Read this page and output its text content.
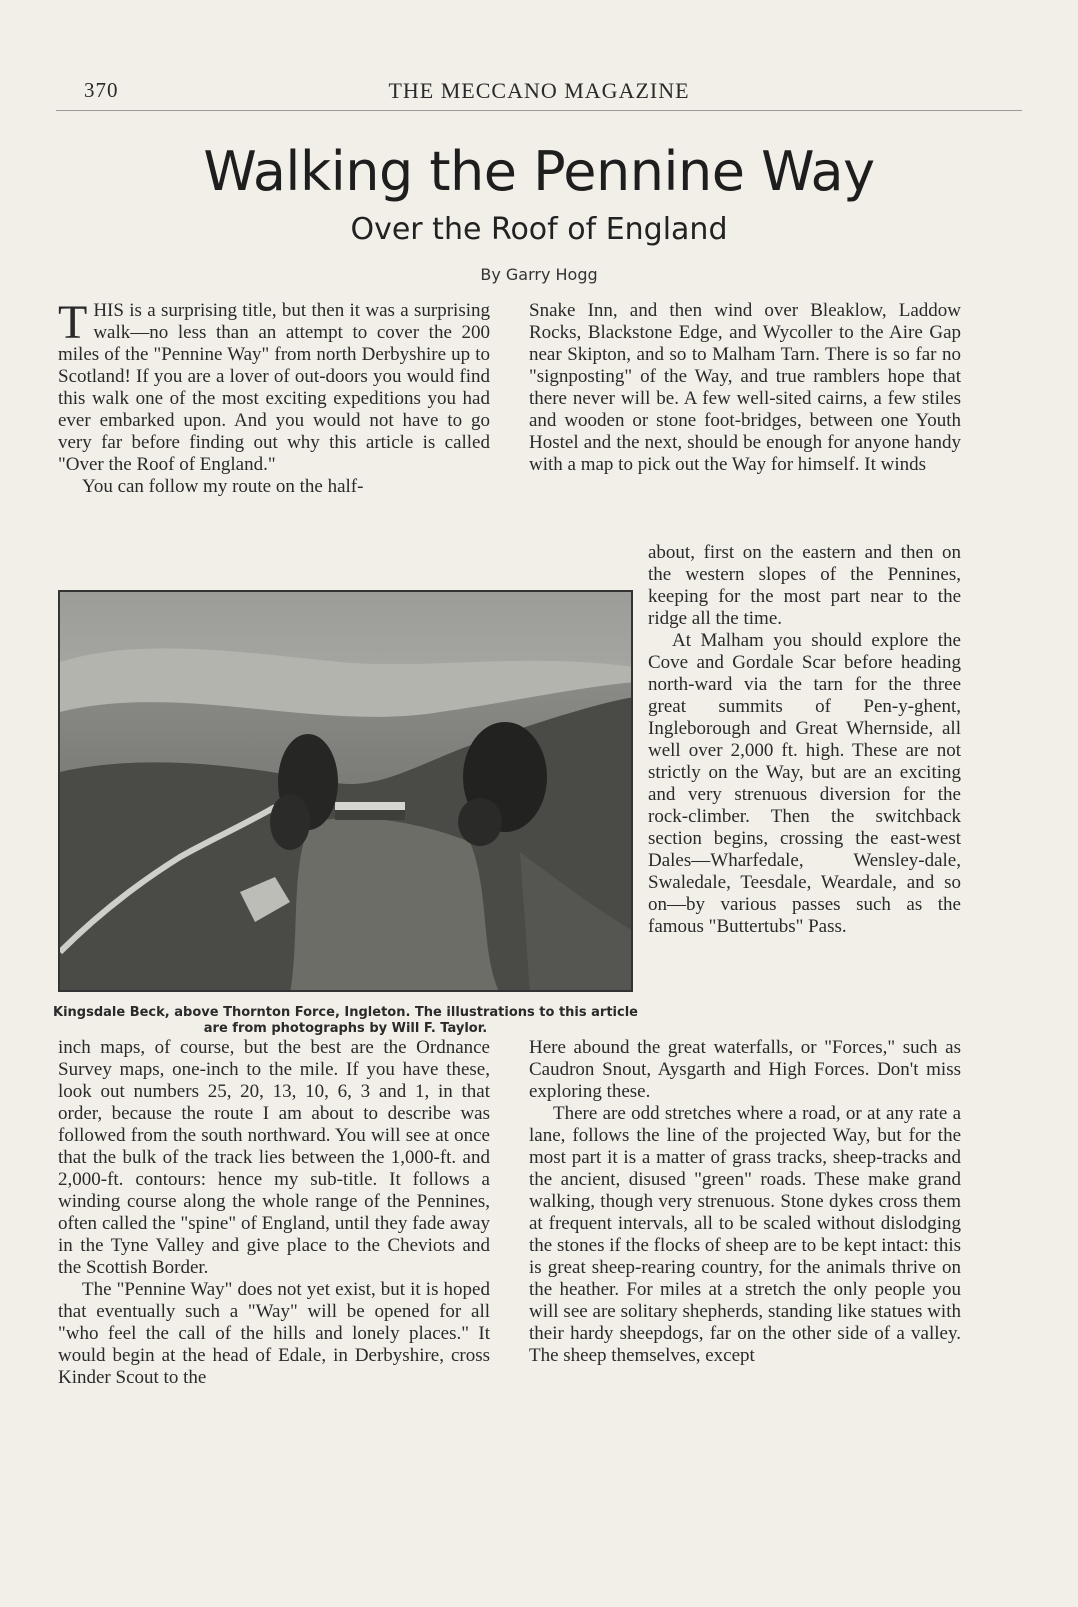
370	THE MECCANO MAGAZINE
Walking the Pennine Way
Over the Roof of England
By Garry Hogg

THIS is a surprising title, but then it was a surprising walk—no less than an attempt to cover the 200 miles of the "Pennine Way" from north Derbyshire up to Scotland! If you are a lover of out-doors you would find this walk one of the most exciting expeditions you had ever embarked upon. And you would not have to go very far before finding out why this article is called "Over the Roof of England."

You can follow my route on the half-

Snake Inn, and then wind over Bleaklow, Laddow Rocks, Blackstone Edge, and Wycoller to the Aire Gap near Skipton, and so to Malham Tarn. There is so far no "signposting" of the Way, and true ramblers hope that there never will be. A few well-sited cairns, a few stiles and wooden or stone foot-bridges, between one Youth Hostel and the next, should be enough for anyone handy with a map to pick out the Way for himself. It winds

about, first on the eastern and then on the western slopes of the Pennines, keeping for the most part near to the ridge all the time.

At Malham you should explore the Cove and Gordale Scar before heading north-ward via the tarn for the three great summits of Pen-y-ghent, Ingleborough and Great Whernside, all well over 2,000 ft. high. These are not strictly on the Way, but are an exciting and very strenuous diversion for the rock-climber. Then the switchback section begins, crossing the east-west Dales—Wharfedale, Wensley-dale, Swaledale, Teesdale, Weardale, and so on—by various passes such as the famous "Buttertubs" Pass.

Kingsdale Beck, above Thornton Force, Ingleton. The illustrations to this article are from photographs by Will F. Taylor.

inch maps, of course, but the best are the Ordnance Survey maps, one-inch to the mile. If you have these, look out numbers 25, 20, 13, 10, 6, 3 and 1, in that order, because the route I am about to describe was followed from the south northward. You will see at once that the bulk of the track lies between the 1,000-ft. and 2,000-ft. contours: hence my sub-title. It follows a winding course along the whole range of the Pennines, often called the "spine" of England, until they fade away in the Tyne Valley and give place to the Cheviots and the Scottish Border.

The "Pennine Way" does not yet exist, but it is hoped that eventually such a "Way" will be opened for all "who feel the call of the hills and lonely places." It would begin at the head of Edale, in Derbyshire, cross Kinder Scout to the

Here abound the great waterfalls, or "Forces," such as Caudron Snout, Aysgarth and High Forces. Don't miss exploring these.

There are odd stretches where a road, or at any rate a lane, follows the line of the projected Way, but for the most part it is a matter of grass tracks, sheep-tracks and the ancient, disused "green" roads. These make grand walking, though very strenuous. Stone dykes cross them at frequent intervals, all to be scaled without dislodging the stones if the flocks of sheep are to be kept intact: this is great sheep-rearing country, for the animals thrive on the heather. For miles at a stretch the only people you will see are solitary shepherds, standing like statues with their hardy sheepdogs, far on the other side of a valley. The sheep themselves, except
